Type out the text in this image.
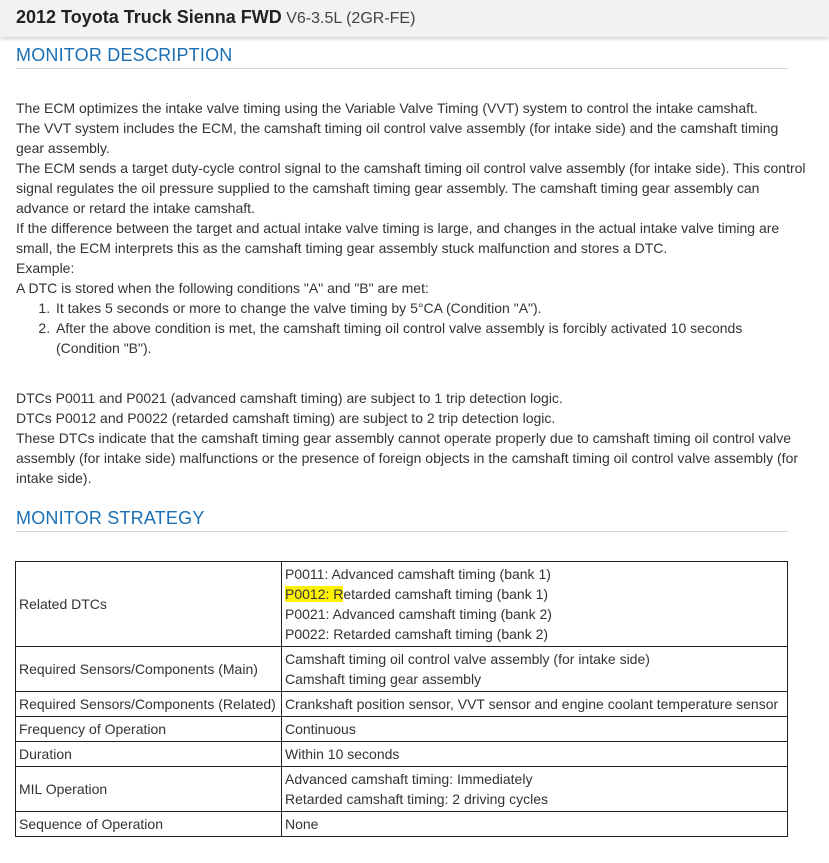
2012 Toyota Truck Sienna FWD V6-3.5L (2GR-FE)
MONITOR DESCRIPTION

The ECM optimizes the intake valve timing using the Variable Valve Timing (VVT) system to control the intake camshaft.

The VVT system includes the ECM, the camshaft timing oil control valve assembly (for intake side) and the camshaft timing gear assembly.

The ECM sends a target duty-cycle control signal to the camshaft timing oil control valve assembly (for intake side). This control signal regulates the oil pressure supplied to the camshaft timing gear assembly. The camshaft timing gear assembly can advance or retard the intake camshaft.

If the difference between the target and actual intake valve timing is large, and changes in the actual intake valve timing are small, the ECM interprets this as the camshaft timing gear assembly stuck malfunction and stores a DTC.

Example:

A DTC is stored when the following conditions "A" and "B" are met:

1. It takes 5 seconds or more to change the valve timing by 5°CA (Condition "A").
2. After the above condition is met, the camshaft timing oil control valve assembly is forcibly activated 10 seconds (Condition "B").

DTCs P0011 and P0021 (advanced camshaft timing) are subject to 1 trip detection logic.

DTCs P0012 and P0022 (retarded camshaft timing) are subject to 2 trip detection logic.

These DTCs indicate that the camshaft timing gear assembly cannot operate properly due to camshaft timing oil control valve assembly (for intake side) malfunctions or the presence of foreign objects in the camshaft timing oil control valve assembly (for intake side).

MONITOR STRATEGY
Related DTCs	P0011: Advanced camshaft timing (bank 1)
P0012: Retarded camshaft timing (bank 1)
P0021: Advanced camshaft timing (bank 2)
P0022: Retarded camshaft timing (bank 2)

Required Sensors/Components (Main)	Camshaft timing oil control valve assembly (for intake side)
Camshaft timing gear assembly

Required Sensors/Components (Related)	Crankshaft position sensor, VVT sensor and engine coolant temperature sensor

Frequency of Operation	Continuous

Duration	Within 10 seconds

MIL Operation	Advanced camshaft timing: Immediately
Retarded camshaft timing: 2 driving cycles

Sequence of Operation	None
